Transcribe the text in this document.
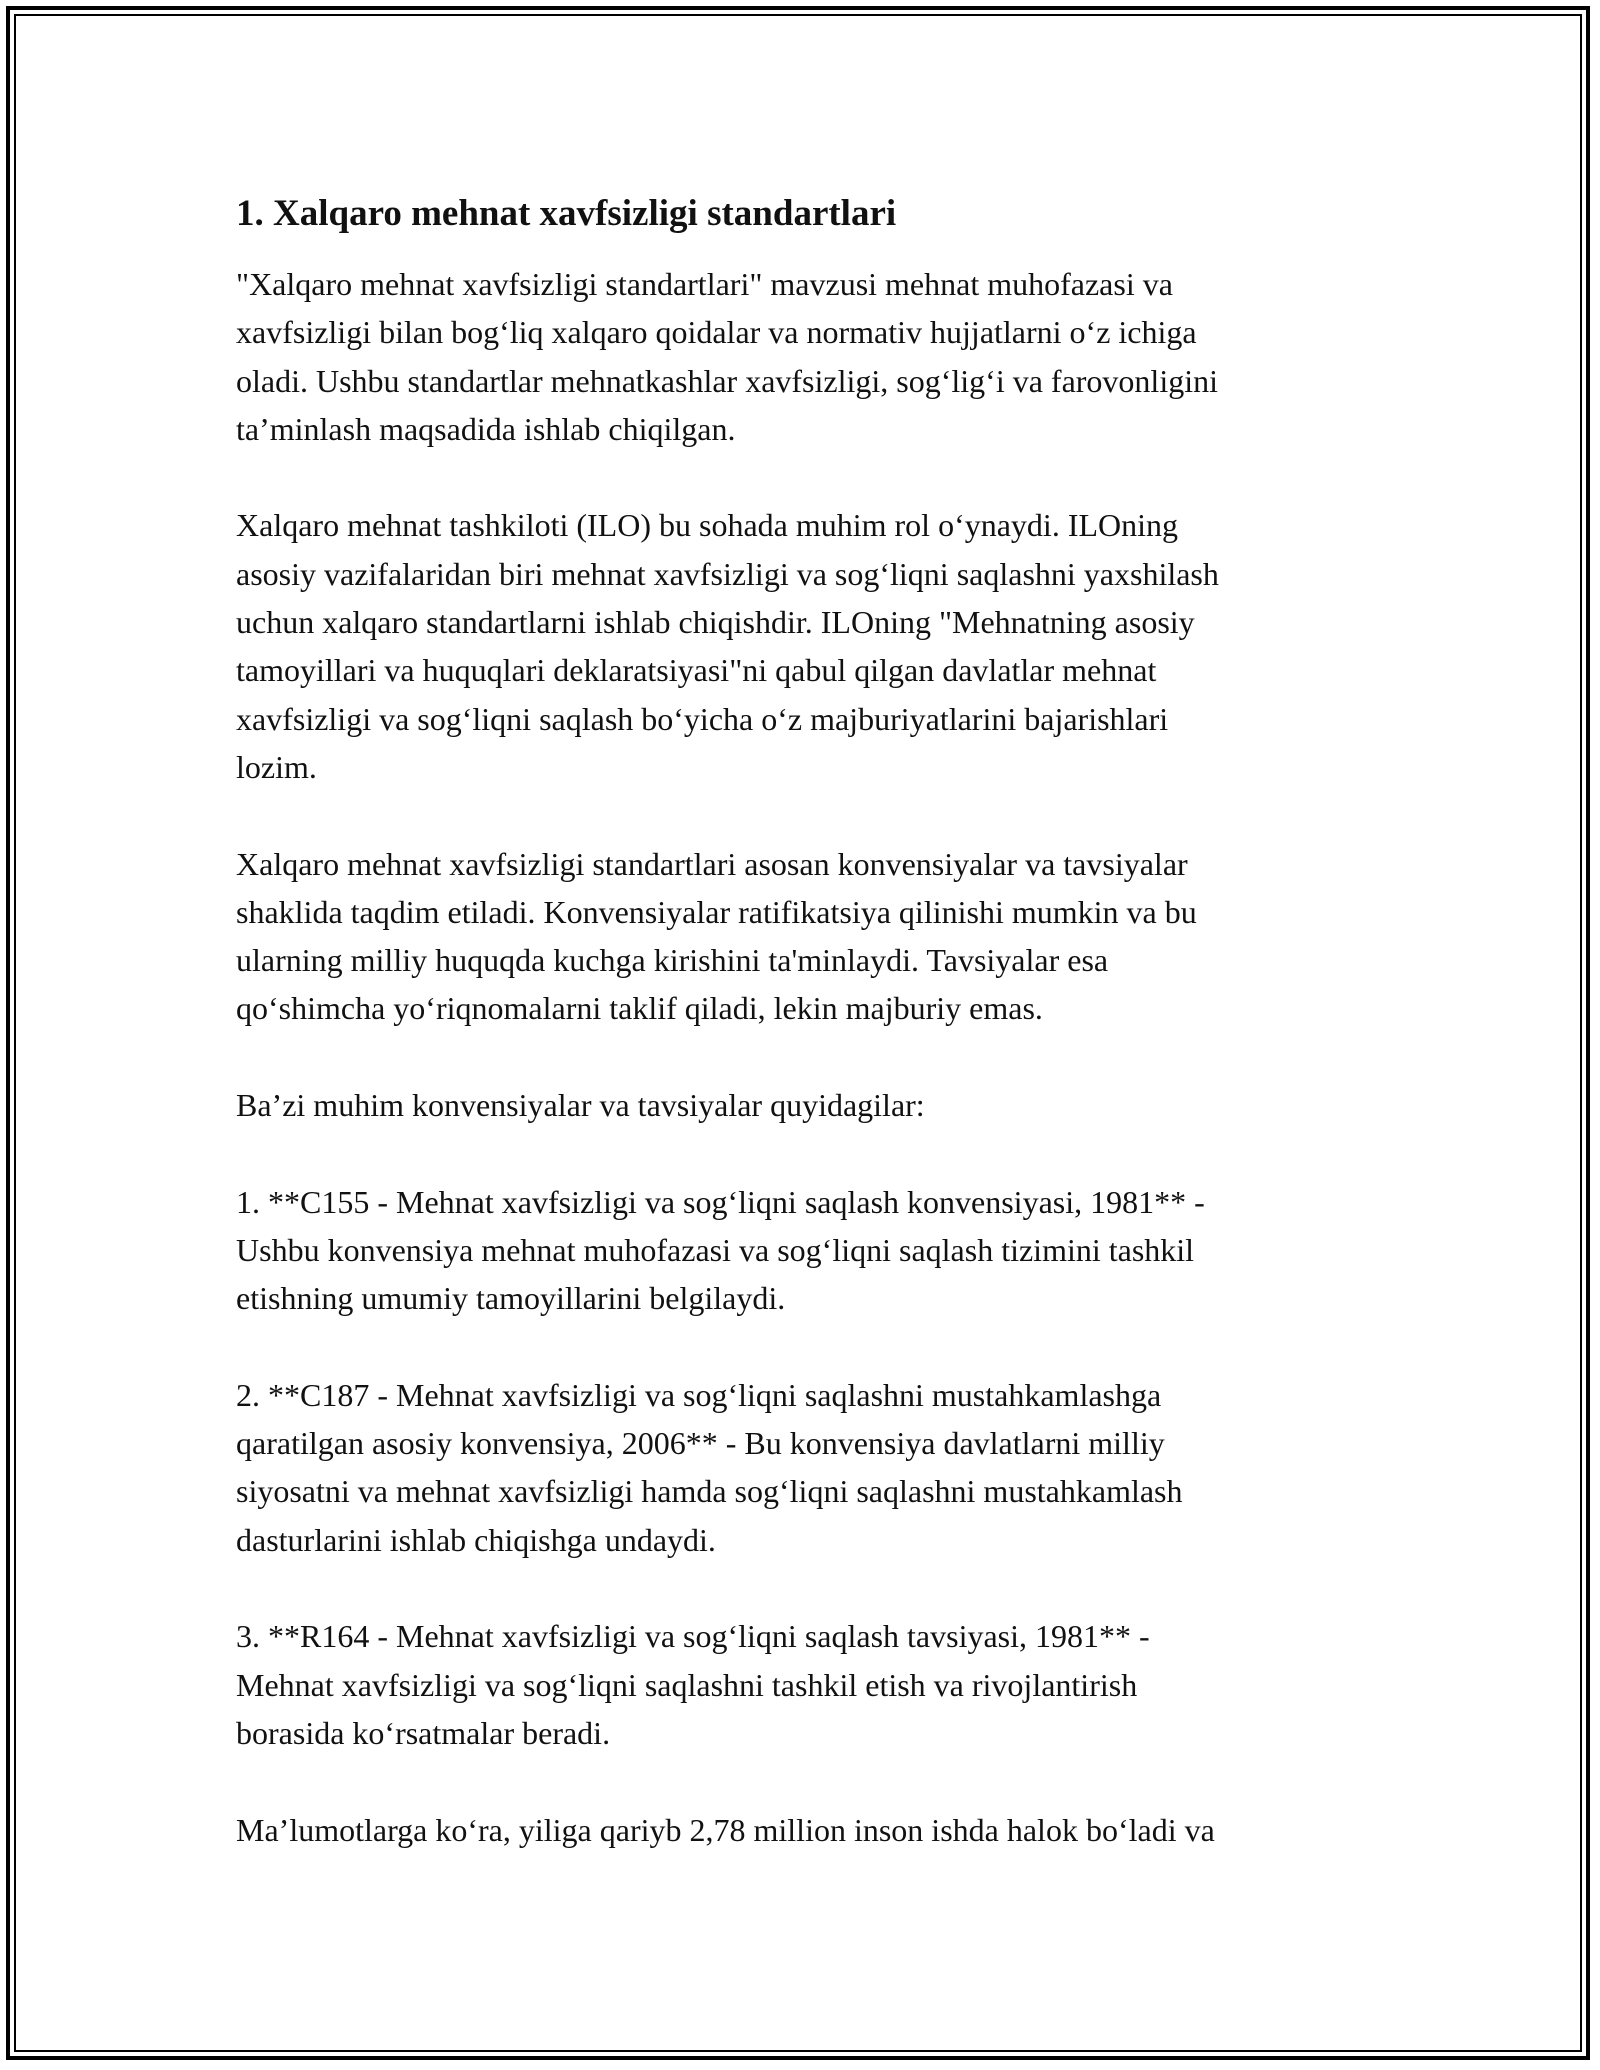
1. Xalqaro mehnat xavfsizligi standartlari

"Xalqaro mehnat xavfsizligi standartlari" mavzusi mehnat muhofazasi va
xavfsizligi bilan bog‘liq xalqaro qoidalar va normativ hujjatlarni o‘z ichiga
oladi. Ushbu standartlar mehnatkashlar xavfsizligi, sog‘lig‘i va farovonligini
ta’minlash maqsadida ishlab chiqilgan.

Xalqaro mehnat tashkiloti (ILO) bu sohada muhim rol o‘ynaydi. ILOning
asosiy vazifalaridan biri mehnat xavfsizligi va sog‘liqni saqlashni yaxshilash
uchun xalqaro standartlarni ishlab chiqishdir. ILOning "Mehnatning asosiy
tamoyillari va huquqlari deklaratsiyasi"ni qabul qilgan davlatlar mehnat
xavfsizligi va sog‘liqni saqlash bo‘yicha o‘z majburiyatlarini bajarishlari
lozim.

Xalqaro mehnat xavfsizligi standartlari asosan konvensiyalar va tavsiyalar
shaklida taqdim etiladi. Konvensiyalar ratifikatsiya qilinishi mumkin va bu
ularning milliy huquqda kuchga kirishini ta'minlaydi. Tavsiyalar esa
qo‘shimcha yo‘riqnomalarni taklif qiladi, lekin majburiy emas.

Ba’zi muhim konvensiyalar va tavsiyalar quyidagilar:

1. **C155 - Mehnat xavfsizligi va sog‘liqni saqlash konvensiyasi, 1981** -
Ushbu konvensiya mehnat muhofazasi va sog‘liqni saqlash tizimini tashkil
etishning umumiy tamoyillarini belgilaydi.

2. **C187 - Mehnat xavfsizligi va sog‘liqni saqlashni mustahkamlashga
qaratilgan asosiy konvensiya, 2006** - Bu konvensiya davlatlarni milliy
siyosatni va mehnat xavfsizligi hamda sog‘liqni saqlashni mustahkamlash
dasturlarini ishlab chiqishga undaydi.

3. **R164 - Mehnat xavfsizligi va sog‘liqni saqlash tavsiyasi, 1981** -
Mehnat xavfsizligi va sog‘liqni saqlashni tashkil etish va rivojlantirish
borasida ko‘rsatmalar beradi.

Ma’lumotlarga ko‘ra, yiliga qariyb 2,78 million inson ishda halok bo‘ladi va
